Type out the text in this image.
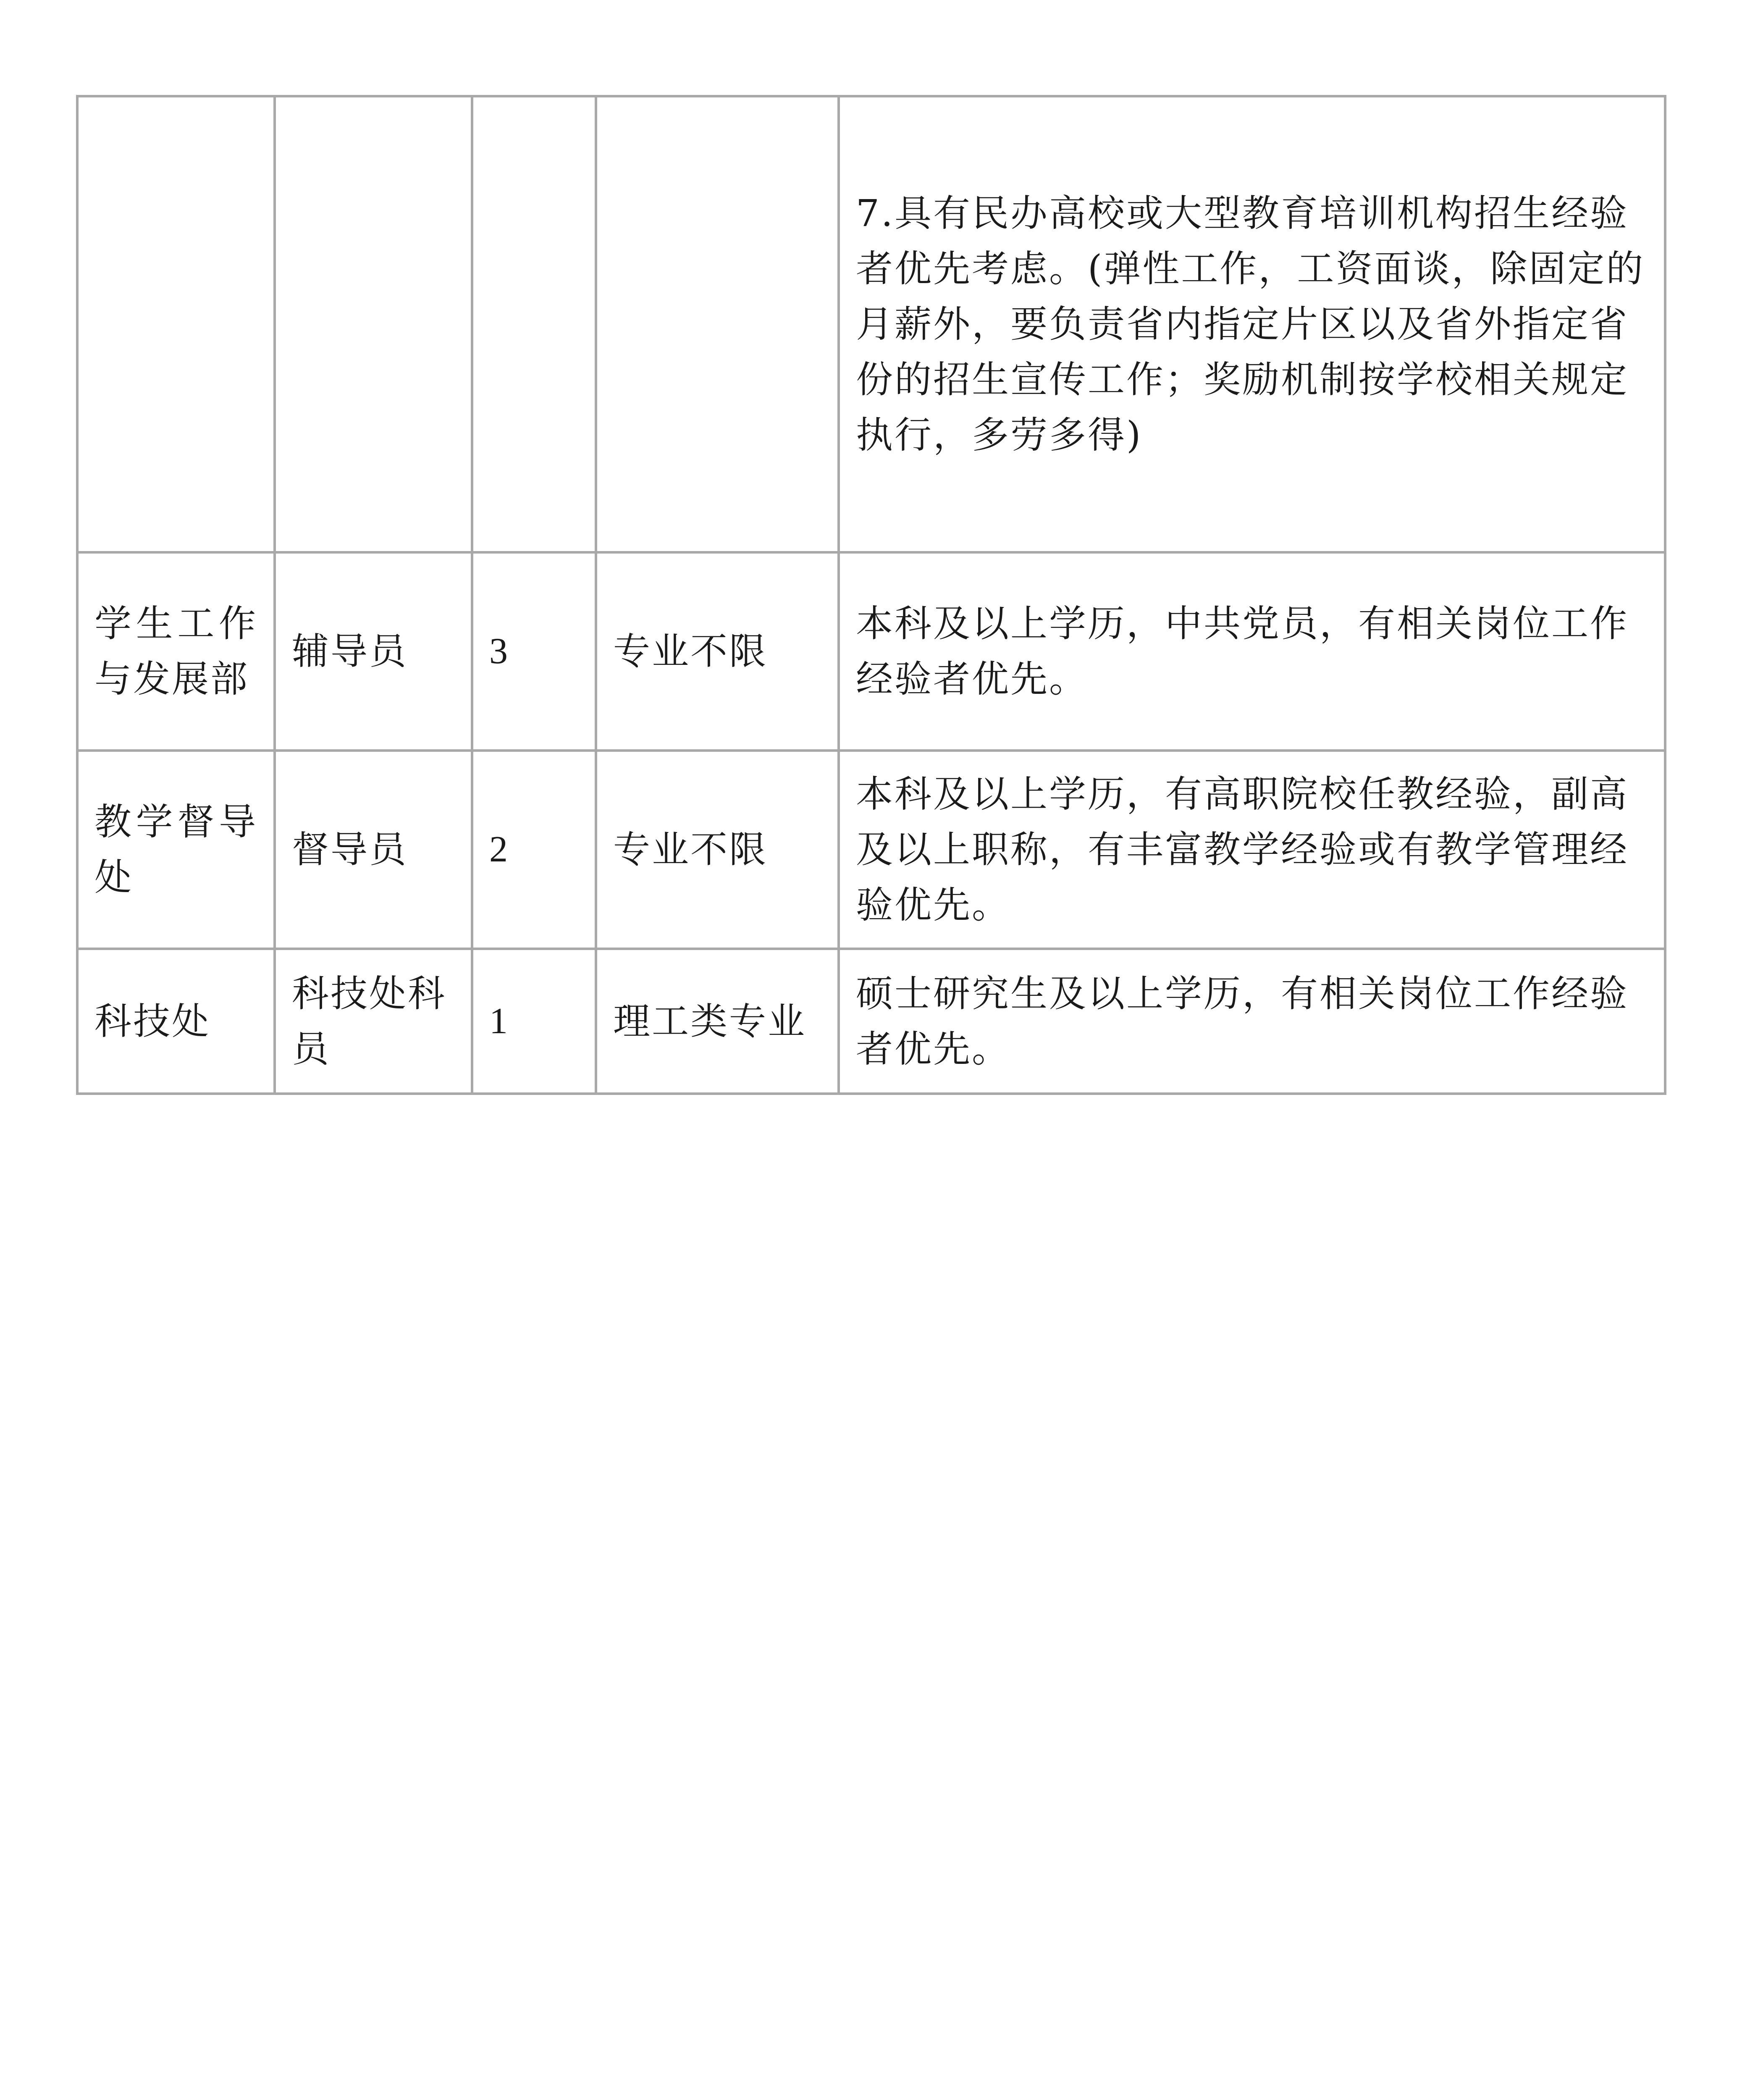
				7.具有民办高校或大型教育培训机构招生经验者优先考虑。(弹性工作，工资面谈，除固定的月薪外，要负责省内指定片区以及省外指定省份的招生宣传工作；奖励机制按学校相关规定执行，多劳多得)

学生工作与发展部	辅导员	3	专业不限	本科及以上学历，中共党员，有相关岗位工作经验者优先。

教学督导处	督导员	2	专业不限	本科及以上学历，有高职院校任教经验，副高及以上职称，有丰富教学经验或有教学管理经验优先。

科技处	科技处科员	1	理工类专业	硕士研究生及以上学历，有相关岗位工作经验者优先。
